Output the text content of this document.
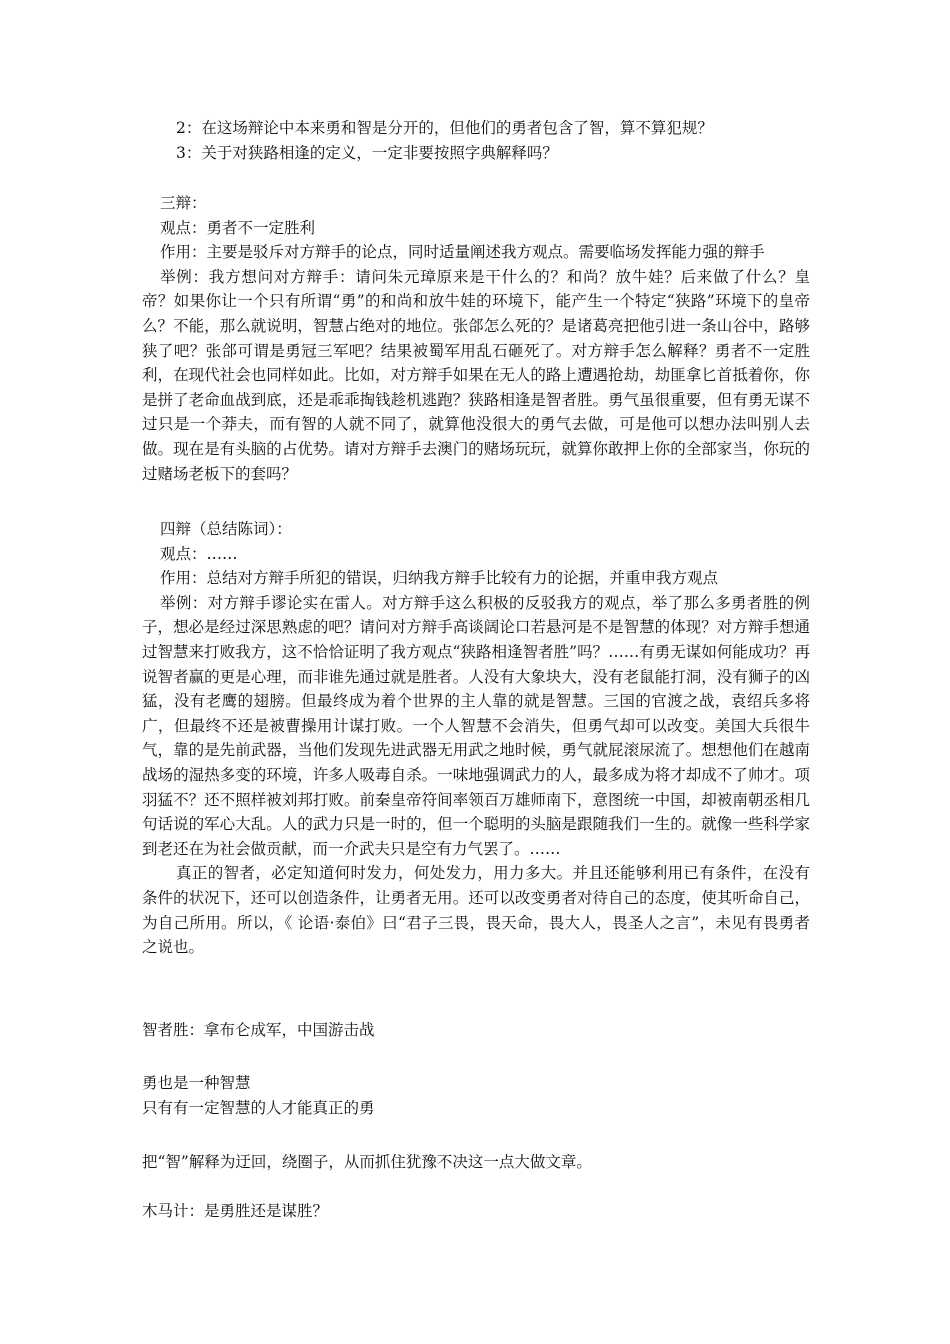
2：在这场辩论中本来勇和智是分开的，但他们的勇者包含了智，算不算犯规？
3：关于对狭路相逢的定义，一定非要按照字典解释吗？
三辩：
观点：勇者不一定胜利
作用：主要是驳斥对方辩手的论点，同时适量阐述我方观点。需要临场发挥能力强的辩手
举例：我方想问对方辩手：请问朱元璋原来是干什么的？和尚？放牛娃？后来做了什么？皇帝？如果你让一个只有所谓“勇”的和尚和放牛娃的环境下，能产生一个特定“狭路”环境下的皇帝么？不能，那么就说明，智慧占绝对的地位。张郃怎么死的？是诸葛亮把他引进一条山谷中，路够狭了吧？张郃可谓是勇冠三军吧？结果被蜀军用乱石砸死了。对方辩手怎么解释？勇者不一定胜利，在现代社会也同样如此。比如，对方辩手如果在无人的路上遭遇抢劫，劫匪拿匕首抵着你，你是拼了老命血战到底，还是乖乖掏钱趁机逃跑？狭路相逢是智者胜。勇气虽很重要，但有勇无谋不过只是一个莽夫，而有智的人就不同了，就算他没很大的勇气去做，可是他可以想办法叫别人去做。现在是有头脑的占优势。请对方辩手去澳门的赌场玩玩，就算你敢押上你的全部家当，你玩的过赌场老板下的套吗？
四辩（总结陈词）：
观点：……
作用：总结对方辩手所犯的错误，归纳我方辩手比较有力的论据，并重申我方观点
举例：对方辩手谬论实在雷人。对方辩手这么积极的反驳我方的观点，举了那么多勇者胜的例子，想必是经过深思熟虑的吧？请问对方辩手高谈阔论口若悬河是不是智慧的体现？对方辩手想通过智慧来打败我方，这不恰恰证明了我方观点“狭路相逢智者胜”吗？……有勇无谋如何能成功？再说智者赢的更是心理，而非谁先通过就是胜者。人没有大象块大，没有老鼠能打洞，没有狮子的凶猛，没有老鹰的翅膀。但最终成为着个世界的主人靠的就是智慧。三国的官渡之战，袁绍兵多将广，但最终不还是被曹操用计谋打败。一个人智慧不会消失，但勇气却可以改变。美国大兵很牛气，靠的是先前武器，当他们发现先进武器无用武之地时候，勇气就屁滚尿流了。想想他们在越南战场的湿热多变的环境，许多人吸毒自杀。一味地强调武力的人，最多成为将才却成不了帅才。项羽猛不？还不照样被刘邦打败。前秦皇帝符间率领百万雄师南下，意图统一中国，却被南朝丞相几句话说的军心大乱。人的武力只是一时的，但一个聪明的头脑是跟随我们一生的。就像一些科学家到老还在为社会做贡献，而一介武夫只是空有力气罢了。……
真正的智者，必定知道何时发力，何处发力，用力多大。并且还能够利用已有条件，在没有条件的状况下，还可以创造条件，让勇者无用。还可以改变勇者对待自己的态度，使其听命自己，为自己所用。所以，《 论语·泰伯》曰“君子三畏，畏天命，畏大人，畏圣人之言”，未见有畏勇者之说也。
智者胜：拿布仑成军，中国游击战
勇也是一种智慧
只有有一定智慧的人才能真正的勇
把“智”解释为迂回，绕圈子，从而抓住犹豫不决这一点大做文章。
木马计：是勇胜还是谋胜？
